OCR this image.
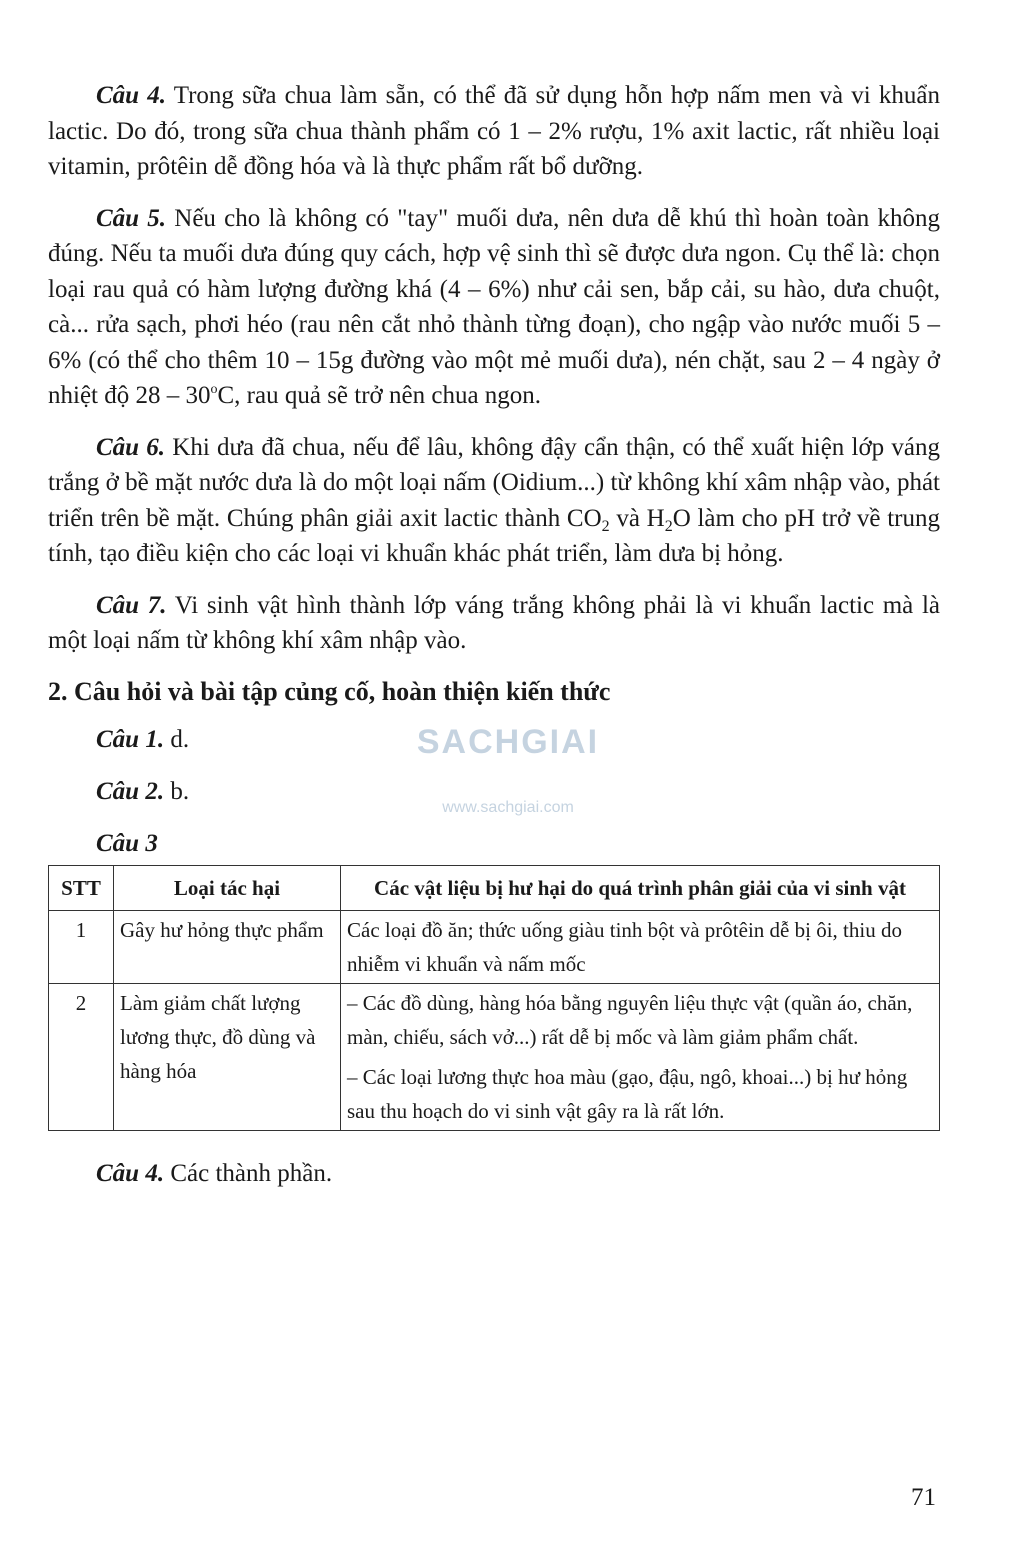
Câu 4. Trong sữa chua làm sẵn, có thể đã sử dụng hỗn hợp nấm men và vi khuẩn lactic. Do đó, trong sữa chua thành phẩm có 1 – 2% rượu, 1% axit lactic, rất nhiều loại vitamin, prôtêin dễ đồng hóa và là thực phẩm rất bổ dưỡng.

Câu 5. Nếu cho là không có "tay" muối dưa, nên dưa dễ khú thì hoàn toàn không đúng. Nếu ta muối dưa đúng quy cách, hợp vệ sinh thì sẽ được dưa ngon. Cụ thể là: chọn loại rau quả có hàm lượng đường khá (4 – 6%) như cải sen, bắp cải, su hào, dưa chuột, cà... rửa sạch, phơi héo (rau nên cắt nhỏ thành từng đoạn), cho ngập vào nước muối 5 – 6% (có thể cho thêm 10 – 15g đường vào một mẻ muối dưa), nén chặt, sau 2 – 4 ngày ở nhiệt độ 28 – 30$^o$C, rau quả sẽ trở nên chua ngon.

Câu 6. Khi dưa đã chua, nếu để lâu, không đậy cẩn thận, có thể xuất hiện lớp váng trắng ở bề mặt nước dưa là do một loại nấm (Oidium...) từ không khí xâm nhập vào, phát triển trên bề mặt. Chúng phân giải axit lactic thành $CO_2$ và $H_2O$ làm cho pH trở về trung tính, tạo điều kiện cho các loại vi khuẩn khác phát triển, làm dưa bị hỏng.

Câu 7. Vi sinh vật hình thành lớp váng trắng không phải là vi khuẩn lactic mà là một loại nấm từ không khí xâm nhập vào.

2. Câu hỏi và bài tập củng cố, hoàn thiện kiến thức
Câu 1. d.
Câu 2. b.
Câu 3
STT	Loại tác hại	Các vật liệu bị hư hại do quá trình phân giải của vi sinh vật
1	Gây hư hỏng thực phẩm	Các loại đồ ăn; thức uống giàu tinh bột và prôtêin dễ bị ôi, thiu do nhiễm vi khuẩn và nấm mốc

2	Làm giảm chất lượng lương thực, đồ dùng và hàng hóa	– Các đồ dùng, hàng hóa bằng nguyên liệu thực vật (quần áo, chăn, màn, chiếu, sách vở...) rất dễ bị mốc và làm giảm phẩm chất.
– Các loại lương thực hoa màu (gạo, đậu, ngô, khoai...) bị hư hỏng sau thu hoạch do vi sinh vật gây ra là rất lớn.
Câu 4. Các thành phần.
SACHGIAI
www.sachgiai.com
71
